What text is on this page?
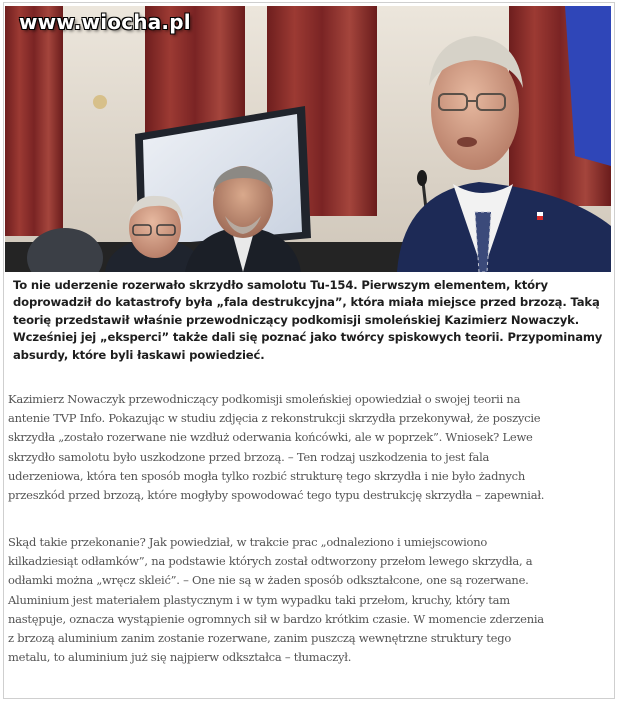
www.wiocha.pl
To nie uderzenie rozerwało skrzydło samolotu Tu-154. Pierwszym elementem, który
doprowadził do katastrofy była „fala destrukcyjna”, która miała miejsce przed brzozą. Taką
teorię przedstawił właśnie przewodniczący podkomisji smoleńskiej Kazimierz Nowaczyk.
Wcześniej jej „eksperci” także dali się poznać jako twórcy spiskowych teorii. Przypominamy
absurdy, które byli łaskawi powiedzieć.
Kazimierz Nowaczyk przewodniczący podkomisji smoleńskiej opowiedział o swojej teorii na
antenie TVP Info. Pokazując w studiu zdjęcia z rekonstrukcji skrzydła przekonywał, że poszycie
skrzydła „zostało rozerwane nie wzdłuż oderwania końcówki, ale w poprzek”. Wniosek? Lewe
skrzydło samolotu było uszkodzone przed brzozą. – Ten rodzaj uszkodzenia to jest fala
uderzeniowa, która ten sposób mogła tylko rozbić strukturę tego skrzydła i nie było żadnych
przeszkód przed brzozą, które mogłyby spowodować tego typu destrukcję skrzydła – zapewniał.
Skąd takie przekonanie? Jak powiedział, w trakcie prac „odnaleziono i umiejscowiono
kilkadziesiąt odłamków”, na podstawie których został odtworzony przełom lewego skrzydła, a
odłamki można „wręcz skleić”. – One nie są w żaden sposób odkształcone, one są rozerwane.
Aluminium jest materiałem plastycznym i w tym wypadku taki przełom, kruchy, który tam
następuje, oznacza wystąpienie ogromnych sił w bardzo krótkim czasie. W momencie zderzenia
z brzozą aluminium zanim zostanie rozerwane, zanim puszczą wewnętrzne struktury tego
metalu, to aluminium już się najpierw odkształca – tłumaczył.
